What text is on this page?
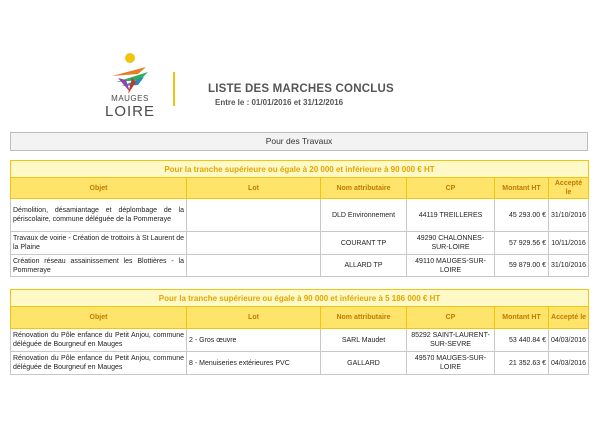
MAUGES
LOIRE
LISTE DES MARCHES CONCLUS
Entre le : 01/01/2016 et 31/12/2016
Pour des Travaux
Pour la tranche supérieure ou égale à 20 000 et inférieure à 90 000 € HT					
Objet	Lot	Nom attributaire	CP	Montant HT	Accepté le
Démolition, désamiantage et déplombage de la périscolaire, commune déléguée de la Pommeraye		DLD Environnement	44119 TREILLERES	45 293.00 €	31/10/2016
Travaux de voirie - Création de trottoirs à St Laurent de la Plaine		COURANT TP	49290 CHALONNES-SUR-LOIRE	57 929.56 €	10/11/2016
Création réseau assainissement les Blottières - la Pommeraye		ALLARD TP	49110 MAUGES-SUR-LOIRE	59 879.00 €	31/10/2016
Pour la tranche supérieure ou égale à 90 000 et inférieure à 5 186 000 € HT					
Objet	Lot	Nom attributaire	CP	Montant HT	Accepté le
Rénovation du Pôle enfance du Petit Anjou, commune déléguée de Bourgneuf en Mauges	2 - Gros œuvre	SARL Maudet	85292 SAINT-LAURENT-SUR-SEVRE	53 440.84 €	04/03/2016
Rénovation du Pôle enfance du Petit Anjou, commune déléguée de Bourgneuf en Mauges	8 - Menuiseries extérieures PVC	GALLARD	49570 MAUGES-SUR-LOIRE	21 352.63 €	04/03/2016
